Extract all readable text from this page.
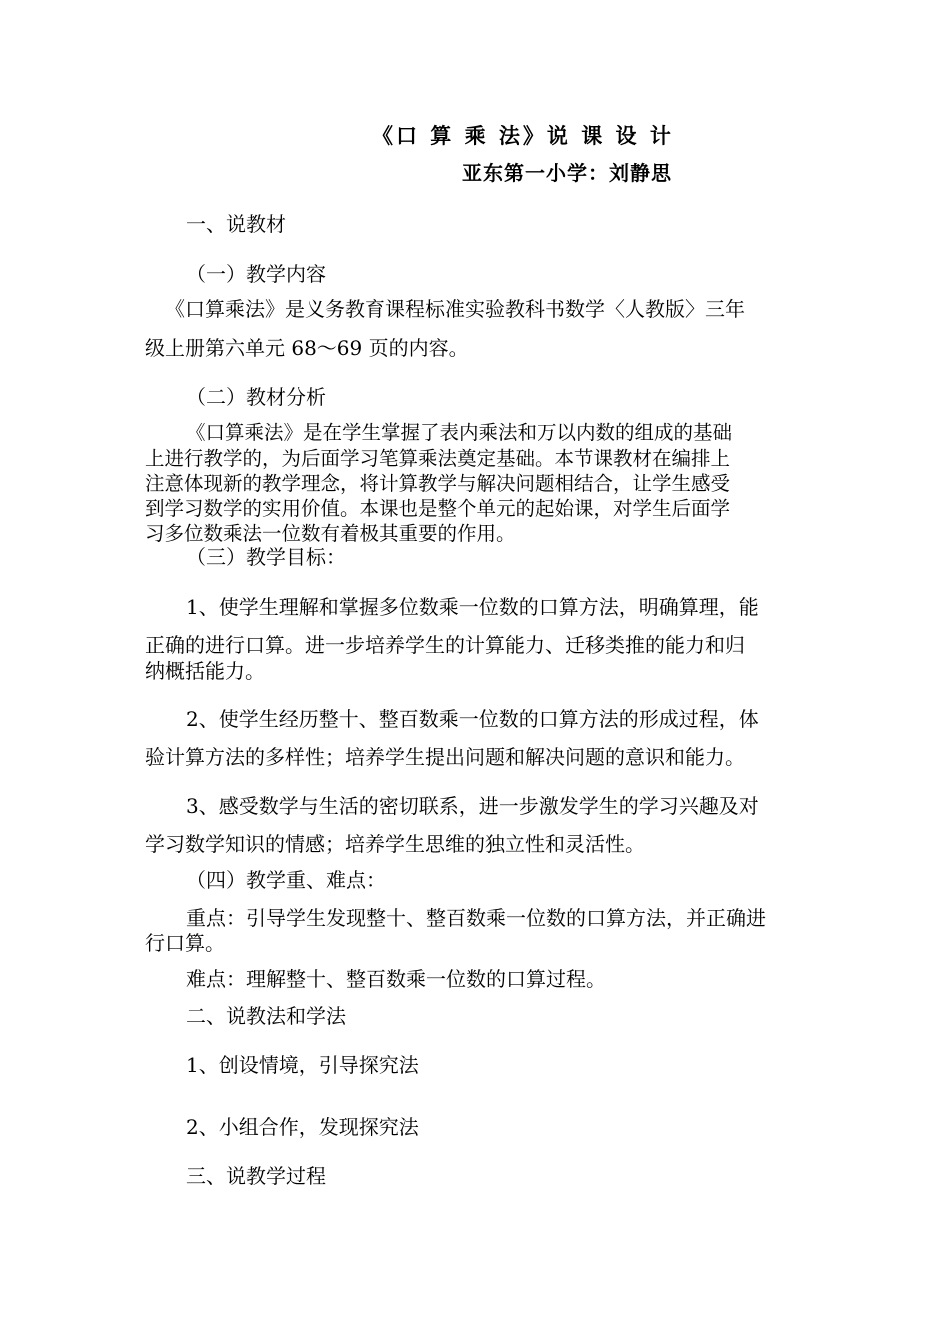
《口 算 乘 法》说 课 设 计
亚东第一小学：刘静思
一、说教材
（一）教学内容
《口算乘法》是义务教育课程标准实验教科书数学〈人教版〉三年
级上册第六单元 68～69 页的内容。
（二）教材分析
《口算乘法》是在学生掌握了表内乘法和万以内数的组成的基础
上进行教学的，为后面学习笔算乘法奠定基础。本节课教材在编排上
注意体现新的教学理念，将计算教学与解决问题相结合，让学生感受
到学习数学的实用价值。本课也是整个单元的起始课，对学生后面学
习多位数乘法一位数有着极其重要的作用。
（三）教学目标：
1、使学生理解和掌握多位数乘一位数的口算方法，明确算理，能
正确的进行口算。进一步培养学生的计算能力、迁移类推的能力和归
纳概括能力。
2、使学生经历整十、整百数乘一位数的口算方法的形成过程，体
验计算方法的多样性；培养学生提出问题和解决问题的意识和能力。
3、感受数学与生活的密切联系，进一步激发学生的学习兴趣及对
学习数学知识的情感；培养学生思维的独立性和灵活性。
（四）教学重、难点：
重点：引导学生发现整十、整百数乘一位数的口算方法，并正确进
行口算。
难点：理解整十、整百数乘一位数的口算过程。
二、说教法和学法
1、创设情境，引导探究法
2、小组合作，发现探究法
三、说教学过程
